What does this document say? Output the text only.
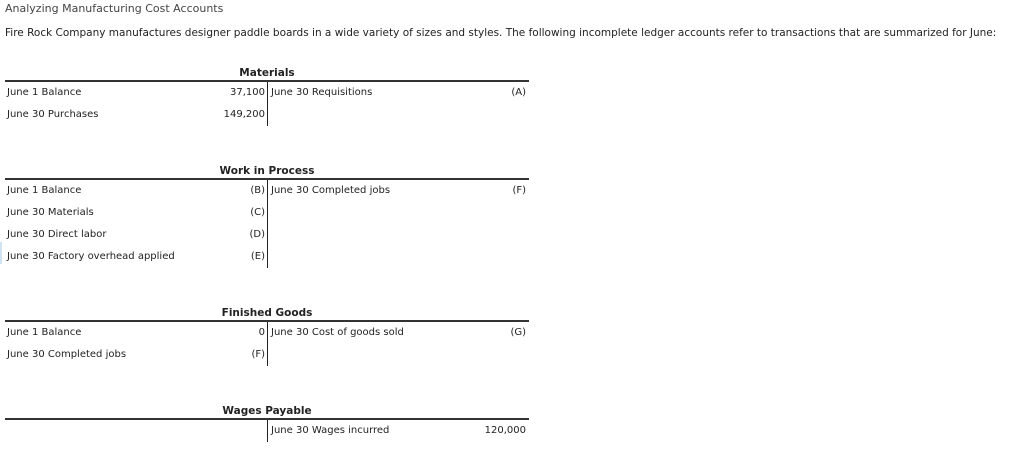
Analyzing Manufacturing Cost Accounts
Fire Rock Company manufactures designer paddle boards in a wide variety of sizes and styles. The following incomplete ledger accounts refer to transactions that are summarized for June:
Materials
June 1 Balance	37,100 June 30 Requisitions	(A)
June 30 Purchases	149,200
Work in Process
June 1 Balance	(B) June 30 Completed jobs	(F)
June 30 Materials	(C)
June 30 Direct labor	(D)
June 30 Factory overhead applied	(E)
Finished Goods
June 1 Balance	0 June 30 Cost of goods sold	(G)
June 30 Completed jobs	(F)
Wages Payable
June 30 Wages incurred	120,000
